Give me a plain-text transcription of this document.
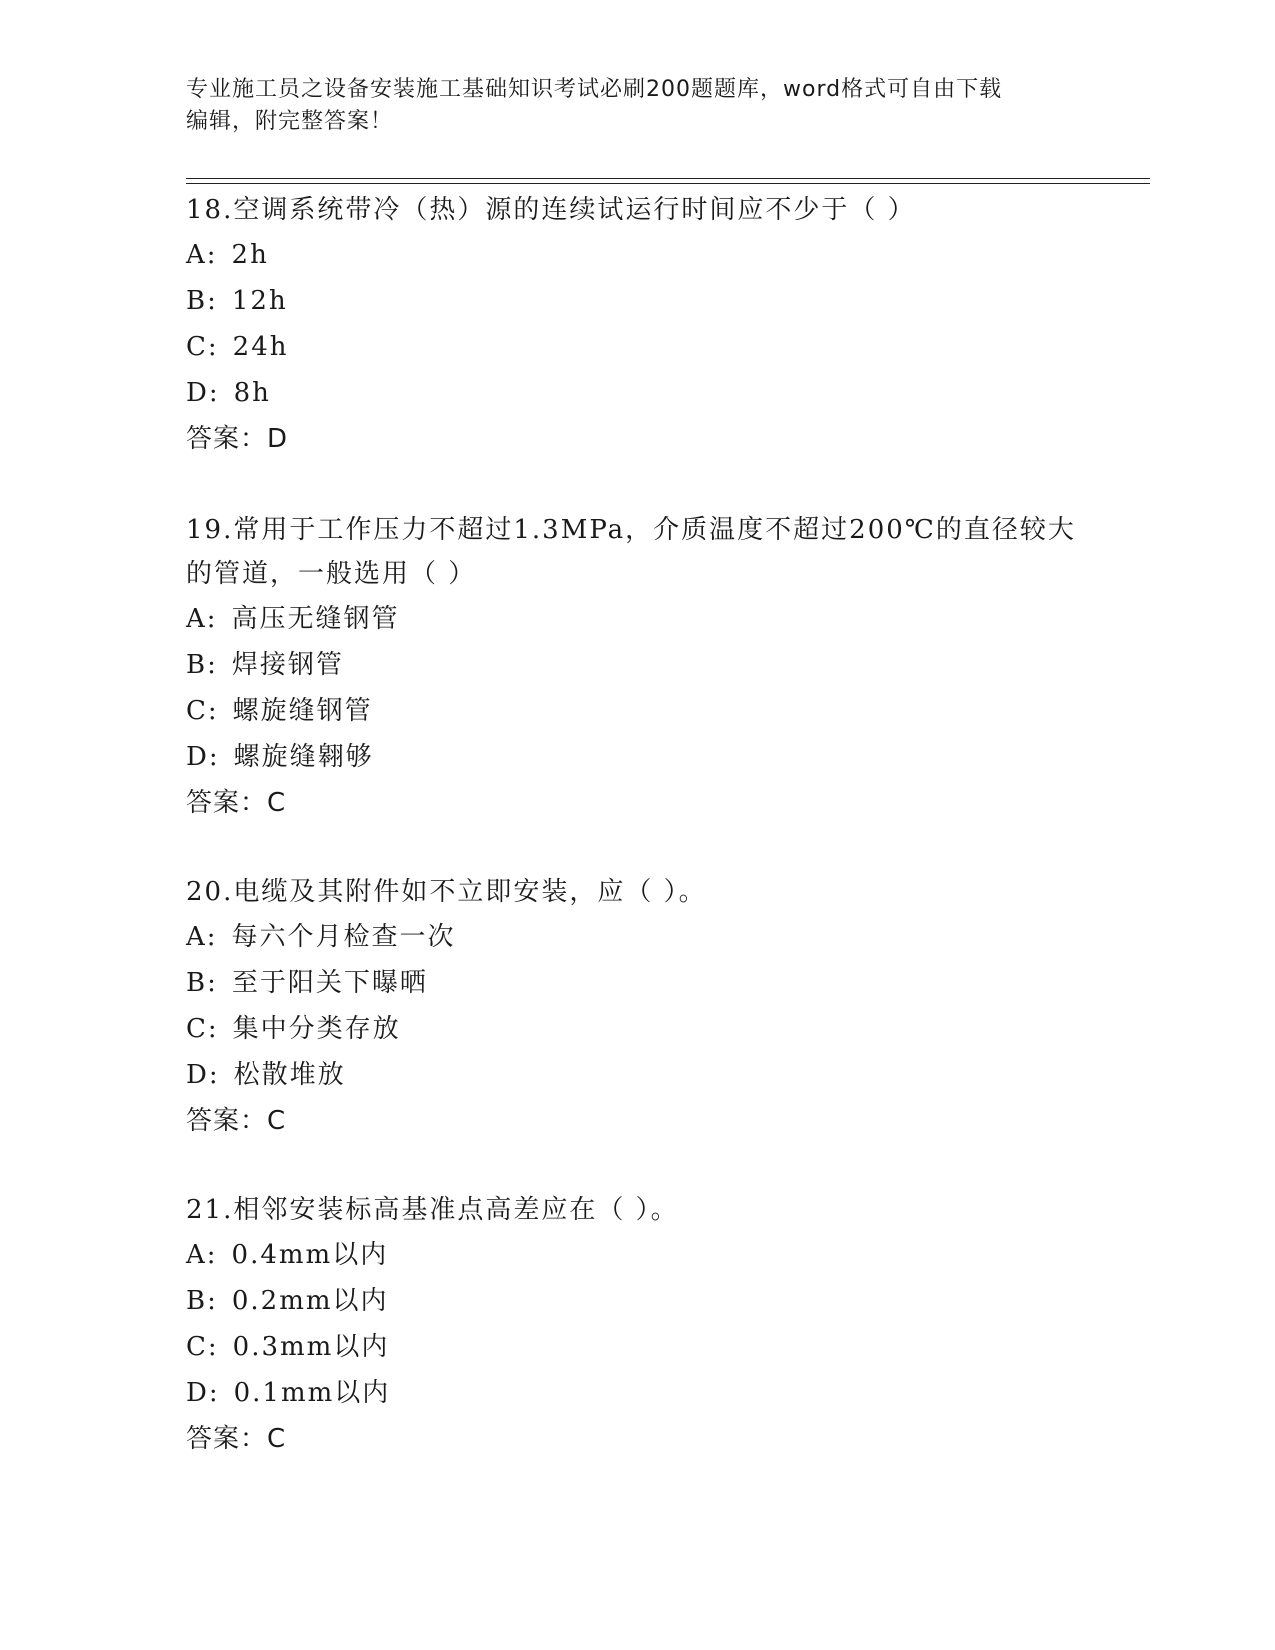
专业施工员之设备安装施工基础知识考试必刷200题题库，word格式可自由下载
编辑，附完整答案！

18.空调系统带冷（热）源的连续试运行时间应不少于（ ）

A: 2h

B: 12h

C: 24h

D: 8h

答案：D

19.常用于工作压力不超过1.3MPa，介质温度不超过200℃的直径较大

的管道，一般选用（ ）

A: 高压无缝钢管

B: 焊接钢管

C: 螺旋缝钢管

D: 螺旋缝翱够

答案：C

20.电缆及其附件如不立即安装，应（ ）。

A: 每六个月检查一次

B: 至于阳关下曝晒

C: 集中分类存放

D: 松散堆放

答案：C

21.相邻安装标高基准点高差应在（ ）。

A: 0.4mm以内

B: 0.2mm以内

C: 0.3mm以内

D: 0.1mm以内

答案：C
